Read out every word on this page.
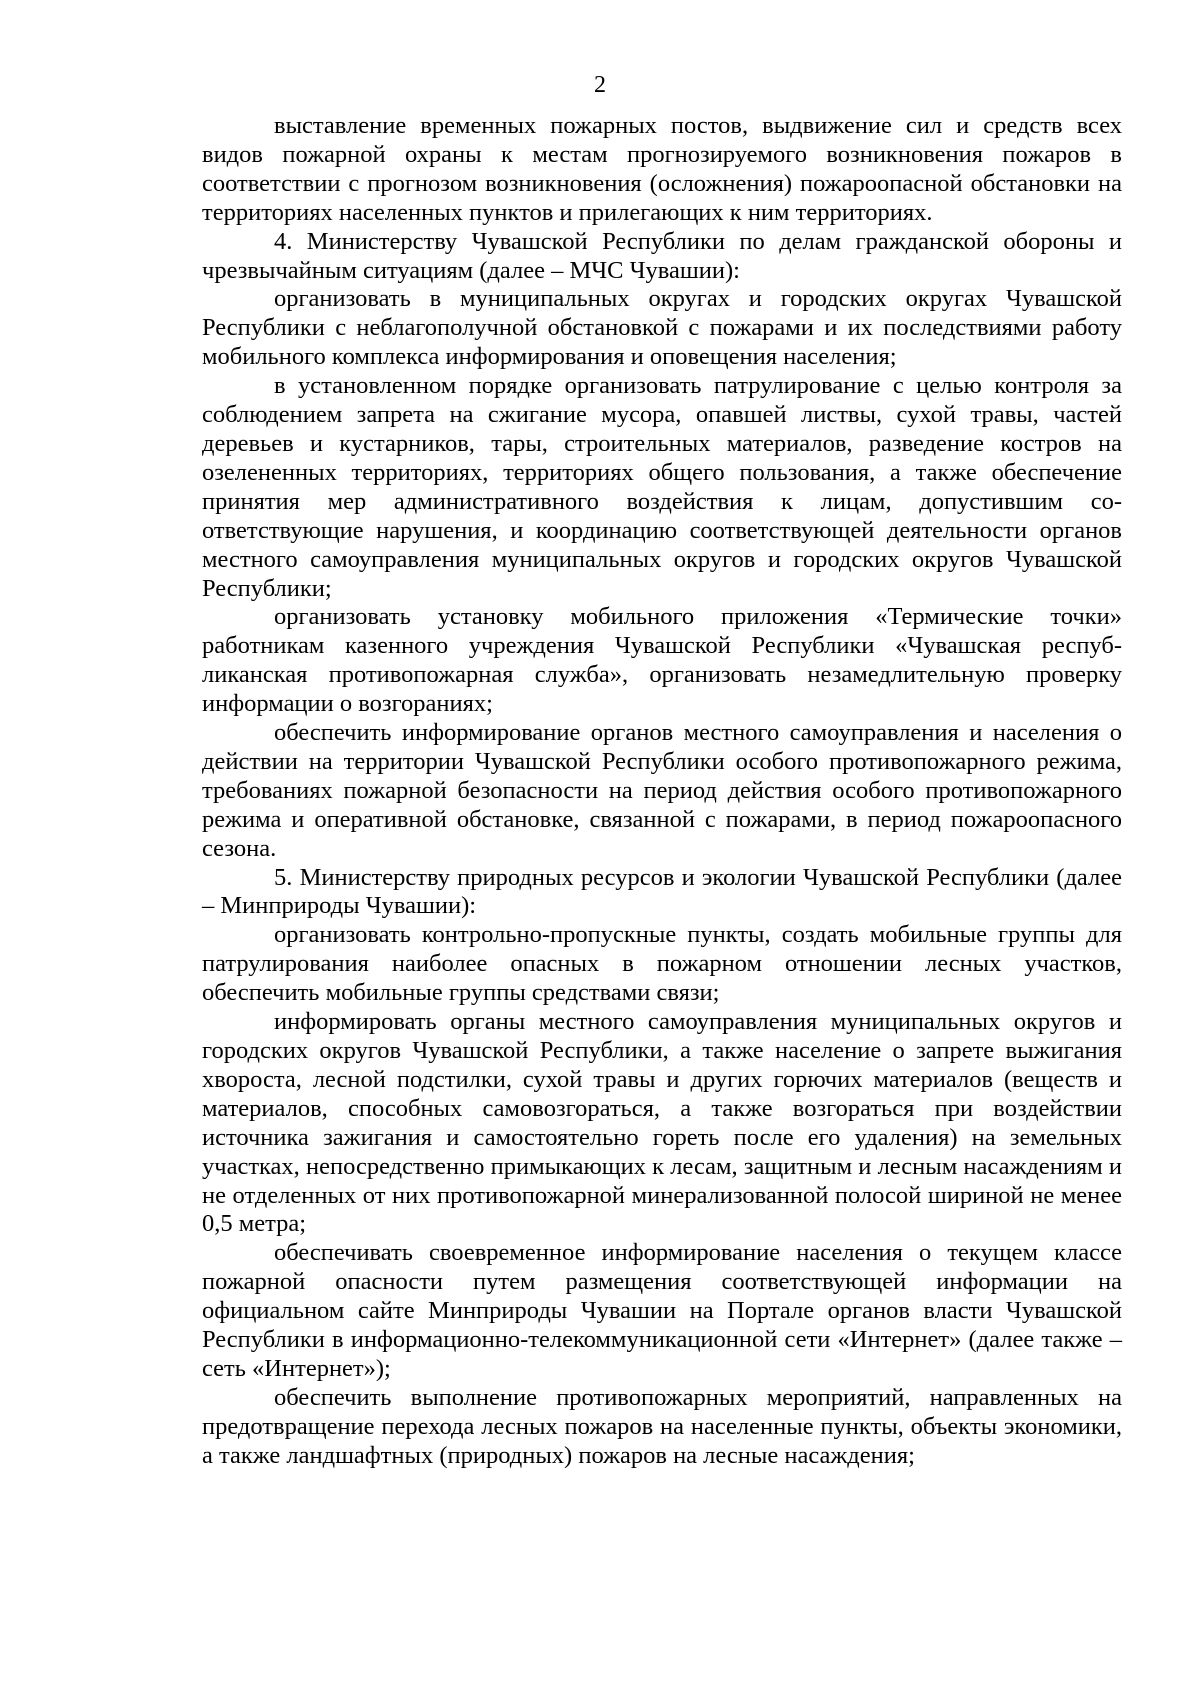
2

выставление временных пожарных постов, выдвижение сил и средств всех видов пожарной охраны к местам прогнозируемого возникновения пожаров в соответствии с прогнозом возникновения (осложнения) пожароопасной обстановки на территориях населенных пунктов и прилегающих к ним территориях.

4. Министерству Чувашской Республики по делам гражданской обороны и чрезвычайным ситуациям (далее – МЧС Чувашии):

организовать в муниципальных округах и городских округах Чувашской Республики с неблагополучной обстановкой с пожарами и их последствиями работу мобильного комплекса информирования и оповещения населения;

в установленном порядке организовать патрулирование с целью контроля за соблюдением запрета на сжигание мусора, опавшей листвы, сухой травы, частей деревьев и кустарников, тары, строительных материалов, разведение костров на озелененных территориях, территориях общего пользования, а также обеспечение принятия мер административного воздействия к лицам, допустившим соответствующие нарушения, и координацию соответствующей деятельности органов местного самоуправления муниципальных округов и городских округов Чувашской Республики;

организовать установку мобильного приложения «Термические точки» работникам казенного учреждения Чувашской Республики «Чувашская республиканская противопожарная служба», организовать незамедлительную проверку информации о возгораниях;

обеспечить информирование органов местного самоуправления и населения о действии на территории Чувашской Республики особого противопожарного режима, требованиях пожарной безопасности на период действия особого противопожарного режима и оперативной обстановке, связанной с пожарами, в период пожароопасного сезона.

5. Министерству природных ресурсов и экологии Чувашской Республики (далее – Минприроды Чувашии):

организовать контрольно-пропускные пункты, создать мобильные группы для патрулирования наиболее опасных в пожарном отношении лесных участков, обеспечить мобильные группы средствами связи;

информировать органы местного самоуправления муниципальных округов и городских округов Чувашской Республики, а также население о запрете выжигания хвороста, лесной подстилки, сухой травы и других горючих материалов (веществ и материалов, способных самовозгораться, а также возгораться при воздействии источника зажигания и самостоятельно гореть после его удаления) на земельных участках, непосредственно примыкающих к лесам, защитным и лесным насаждениям и не отделенных от них противопожарной минерализованной полосой шириной не менее 0,5 метра;

обеспечивать своевременное информирование населения о текущем классе пожарной опасности путем размещения соответствующей информации на официальном сайте Минприроды Чувашии на Портале органов власти Чувашской Республики в информационно-телекоммуникационной сети «Интернет» (далее также – сеть «Интернет»);

обеспечить выполнение противопожарных мероприятий, направленных на предотвращение перехода лесных пожаров на населенные пункты, объекты экономики, а также ландшафтных (природных) пожаров на лесные насаждения;
